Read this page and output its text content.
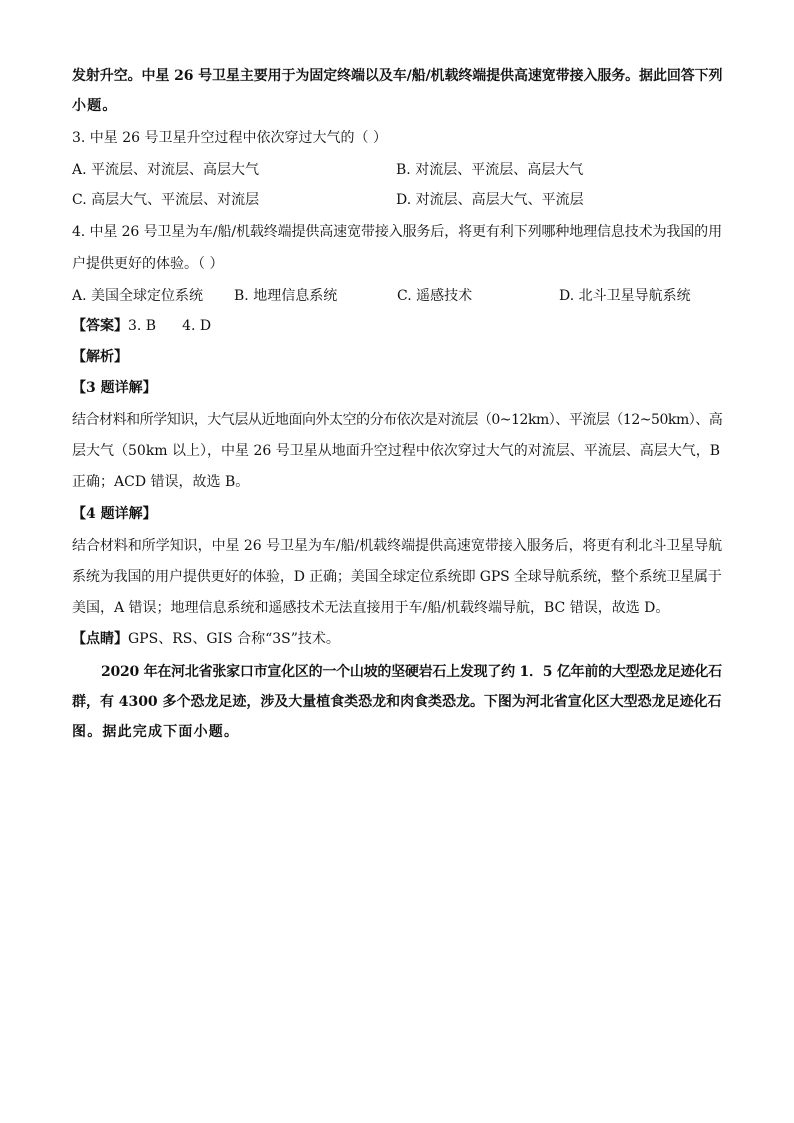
发射升空。中星 26 号卫星主要用于为固定终端以及车/船/机载终端提供高速宽带接入服务。据此回答下列
小题。
3. 中星 26 号卫星升空过程中依次穿过大气的（ ）
A. 平流层、对流层、高层大气	B. 对流层、平流层、高层大气
C. 高层大气、平流层、对流层	D. 对流层、高层大气、平流层
4. 中星 26 号卫星为车/船/机载终端提供高速宽带接入服务后，将更有利下列哪种地理信息技术为我国的用
户提供更好的体验。（ ）
A. 美国全球定位系统 B. 地理信息系统	C. 遥感技术	D. 北斗卫星导航系统
【答案】3. B 4. D
【解析】
【3 题详解】
结合材料和所学知识，大气层从近地面向外太空的分布依次是对流层（0~12km）、平流层（12~50km）、高
层大气（50km 以上），中星 26 号卫星从地面升空过程中依次穿过大气的对流层、平流层、高层大气，B
正确；ACD 错误，故选 B。
【4 题详解】
结合材料和所学知识，中星 26 号卫星为车/船/机载终端提供高速宽带接入服务后，将更有利北斗卫星导航
系统为我国的用户提供更好的体验，D 正确；美国全球定位系统即 GPS 全球导航系统，整个系统卫星属于
美国，A 错误；地理信息系统和遥感技术无法直接用于车/船/机载终端导航，BC 错误，故选 D。
【点睛】GPS、RS、GIS 合称“3S”技术。
2020 年在河北省张家口市宣化区的一个山坡的坚硬岩石上发现了约 1．5 亿年前的大型恐龙足迹化石
群，有 4300 多个恐龙足迹，涉及大量植食类恐龙和肉食类恐龙。下图为河北省宣化区大型恐龙足迹化石
图。据此完成下面小题。
